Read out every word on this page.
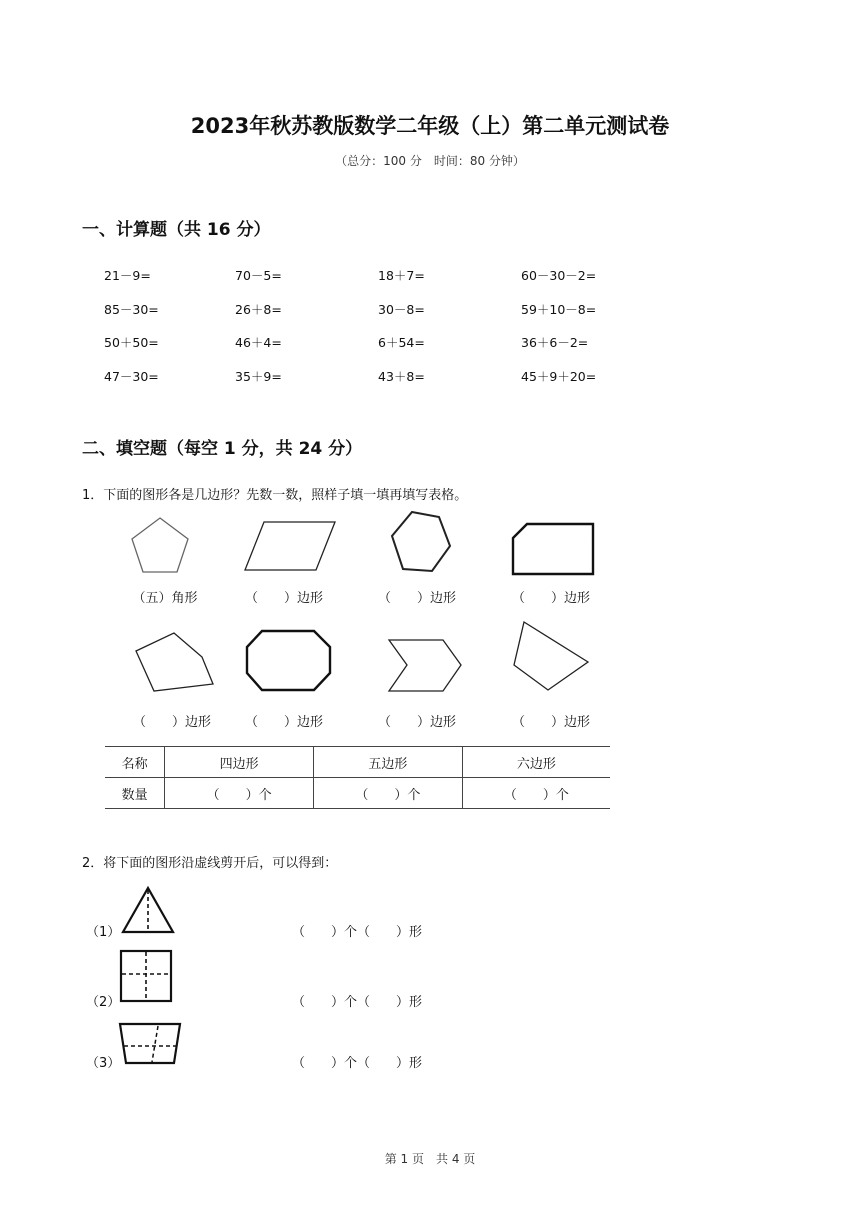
2023年秋苏教版数学二年级（上）第二单元测试卷
（总分：100 分　时间：80 分钟）
一、计算题（共 16 分）
21－9=	70－5=	18＋7=	60－30－2=
85－30=	26＋8=	30－8=	59＋10－8=
50＋50=	46＋4=	6＋54=	36＋6－2=
47－30=	35＋9=	43＋8=	45＋9＋20=
二、填空题（每空 1 分，共 24 分）
1．下面的图形各是几边形？先数一数，照样子填一填再填写表格。
（五）角形	（　　）边形	（　　）边形	（　　）边形
（　　）边形	（　　）边形	（　　）边形	（　　）边形
名称	四边形	五边形	六边形
数量	（　　）个	（　　）个	（　　）个
2．将下面的图形沿虚线剪开后，可以得到：
（1）	（　　）个（　　）形
（2）	（　　）个（　　）形
（3）	（　　）个（　　）形
第 1 页　共 4 页
